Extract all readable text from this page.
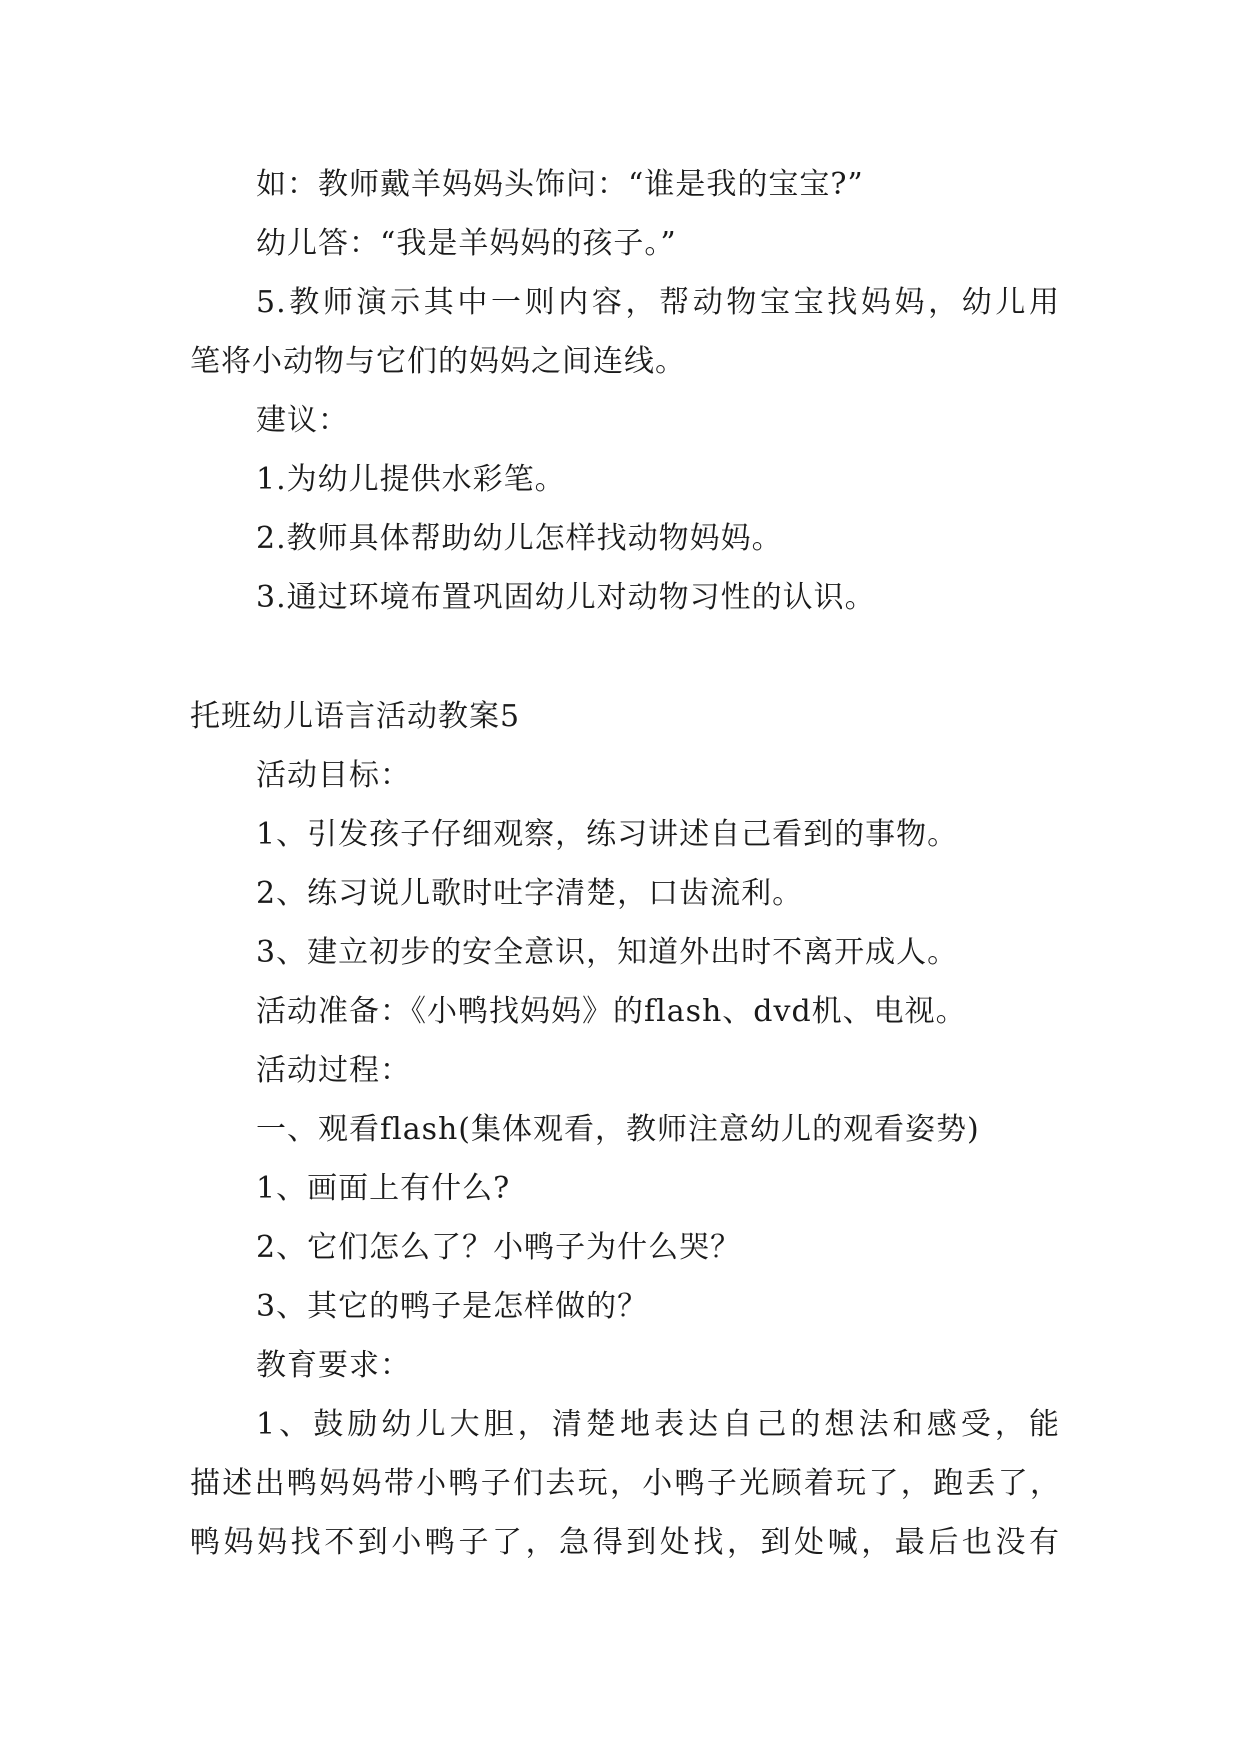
如：教师戴羊妈妈头饰问：“谁是我的宝宝?”
幼儿答：“我是羊妈妈的孩子。”
5.教师演示其中一则内容，帮动物宝宝找妈妈，幼儿用
笔将小动物与它们的妈妈之间连线。
建议：
1.为幼儿提供水彩笔。
2.教师具体帮助幼儿怎样找动物妈妈。
3.通过环境布置巩固幼儿对动物习性的认识。
托班幼儿语言活动教案5
活动目标：
1、引发孩子仔细观察，练习讲述自己看到的事物。
2、练习说儿歌时吐字清楚，口齿流利。
3、建立初步的安全意识，知道外出时不离开成人。
活动准备：《小鸭找妈妈》的flash、dvd机、电视。
活动过程：
一、观看flash(集体观看，教师注意幼儿的观看姿势)
1、画面上有什么?
2、它们怎么了？小鸭子为什么哭？
3、其它的鸭子是怎样做的？
教育要求：
1、鼓励幼儿大胆，清楚地表达自己的想法和感受，能
描述出鸭妈妈带小鸭子们去玩，小鸭子光顾着玩了，跑丢了，
鸭妈妈找不到小鸭子了，急得到处找，到处喊，最后也没有
